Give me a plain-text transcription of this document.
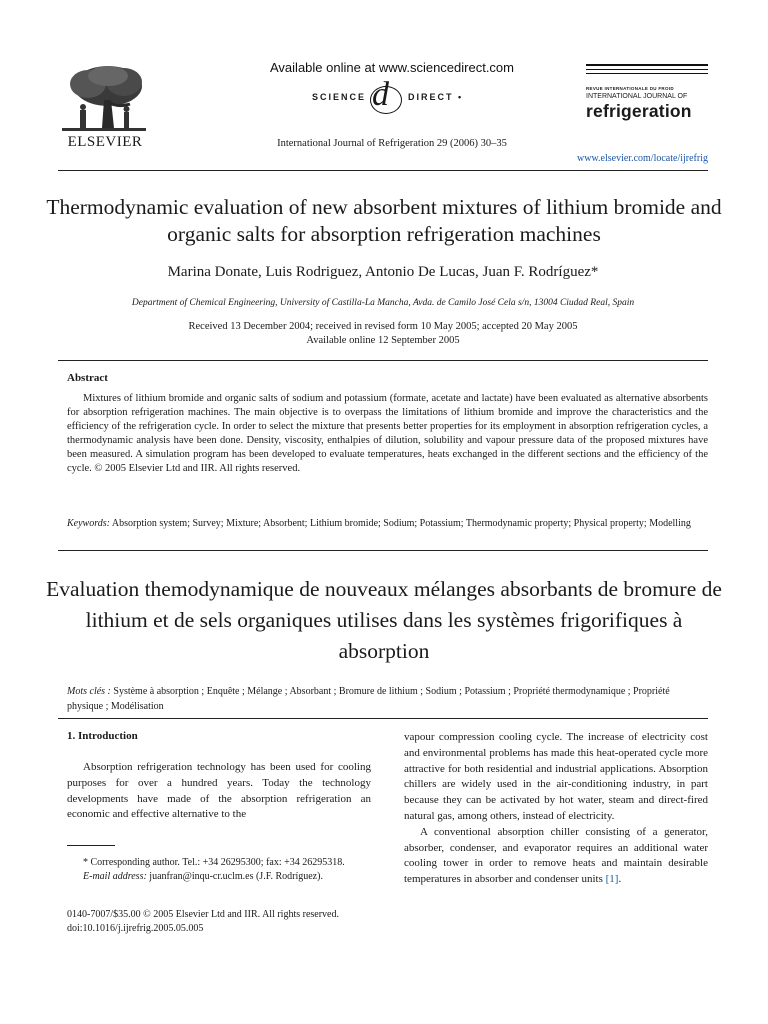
ELSEVIER
Available online at www.sciencedirect.com
SCIENCE d DIRECT •
International Journal of Refrigeration 29 (2006) 30–35
REVUE INTERNATIONALE DU FROID
INTERNATIONAL JOURNAL OF
refrigeration
www.elsevier.com/locate/ijrefrig
Thermodynamic evaluation of new absorbent mixtures of lithium bromide and organic salts for absorption refrigeration machines
Marina Donate, Luis Rodriguez, Antonio De Lucas, Juan F. Rodríguez*
Department of Chemical Engineering, University of Castilla-La Mancha, Avda. de Camilo José Cela s/n, 13004 Ciudad Real, Spain
Received 13 December 2004; received in revised form 10 May 2005; accepted 20 May 2005
Available online 12 September 2005
Abstract
Mixtures of lithium bromide and organic salts of sodium and potassium (formate, acetate and lactate) have been evaluated as alternative absorbents for absorption refrigeration machines. The main objective is to overpass the limitations of lithium bromide and improve the characteristics and the efficiency of the refrigeration cycle. In order to select the mixture that presents better properties for its employment in absorption refrigeration cycles, a thermodynamic analysis have been done. Density, viscosity, enthalpies of dilution, solubility and vapour pressure data of the proposed mixtures have been measured. A simulation program has been developed to evaluate temperatures, heats exchanged in the different sections and the efficiency of the cycle. © 2005 Elsevier Ltd and IIR. All rights reserved.
Keywords: Absorption system; Survey; Mixture; Absorbent; Lithium bromide; Sodium; Potassium; Thermodynamic property; Physical property; Modelling
Evaluation themodynamique de nouveaux mélanges absorbants de bromure de lithium et de sels organiques utilises dans les systèmes frigorifiques à absorption
Mots clés : Système à absorption ; Enquête ; Mélange ; Absorbant ; Bromure de lithium ; Sodium ; Potassium ; Propriété thermodynamique ; Propriété physique ; Modélisation
1. Introduction
Absorption refrigeration technology has been used for cooling purposes for over a hundred years. Today the technology developments have made of the absorption refrigeration an economic and effective alternative to the
* Corresponding author. Tel.: +34 26295300; fax: +34 26295318.
E-mail address: juanfran@inqu-cr.uclm.es (J.F. Rodríguez).
0140-7007/$35.00 © 2005 Elsevier Ltd and IIR. All rights reserved.
doi:10.1016/j.ijrefrig.2005.05.005

vapour compression cooling cycle. The increase of electricity cost and environmental problems has made this heat-operated cycle more attractive for both residential and industrial applications. Absorption chillers are widely used in the air-conditioning industry, in part because they can be activated by hot water, steam and direct-fired natural gas, among others, instead of electricity.

A conventional absorption chiller consisting of a generator, absorber, condenser, and evaporator requires an additional water cooling tower in order to remove heats and maintain desirable temperatures in absorber and condenser units [1].
